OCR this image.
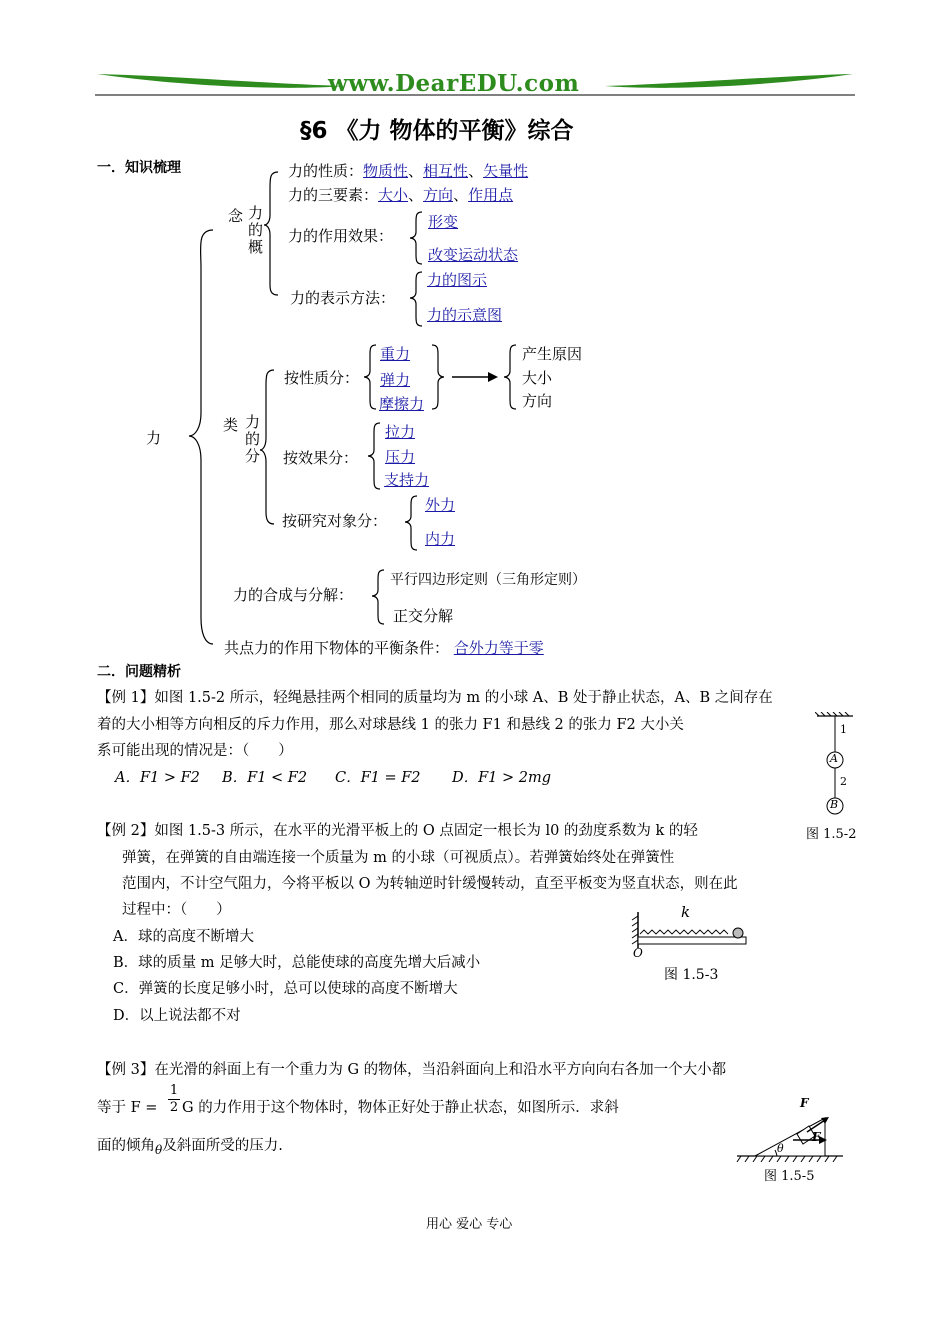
www.DearEDU.com
§6 《力 物体的平衡》综合
一．知识梳理
力
念 力
的
概
力的性质：物质性、相互性、矢量性
力的三要素：大小、方向、作用点
力的作用效果：
形变
改变运动状态
力的表示方法：
力的图示
力的示意图
类 力
的
分
按性质分：
重力
弹力
摩擦力
产生原因
大小
方向
按效果分：
拉力
压力
支持力
按研究对象分：
外力
内力
力的合成与分解：
平行四边形定则（三角形定则）
正交分解
共点力的作用下物体的平衡条件： 合外力等于零
二．问题精析
【例 1】如图 1.5-2 所示，轻绳悬挂两个相同的质量均为 m 的小球 A、B 处于静止状态，A、B 之间存在
着的大小相等方向相反的斥力作用，那么对球悬线 1 的张力 F1 和悬线 2 的张力 F2 大小关
系可能出现的情况是：（　　）
A．F1 > F2 B．F1 < F2 C．F1 = F2 D．F1 > 2mg
1
A
2
B
图 1.5-2
【例 2】如图 1.5-3 所示，在水平的光滑平板上的 O 点固定一根长为 l0 的劲度系数为 k 的轻
弹簧，在弹簧的自由端连接一个质量为 m 的小球（可视质点）。若弹簧始终处在弹簧性
范围内，不计空气阻力，今将平板以 O 为转轴逆时针缓慢转动，直至平板变为竖直状态，则在此
过程中：（　　）
A．球的高度不断增大
B．球的质量 m 足够大时，总能使球的高度先增大后减小
C．弹簧的长度足够小时，总可以使球的高度不断增大
D．以上说法都不对
k
O
图 1.5-3
【例 3】在光滑的斜面上有一个重力为 G 的物体，当沿斜面向上和沿水平方向向右各加一个大小都
等于 $F = \frac{1}{2}$ G 的力作用于这个物体时，物体正好处于静止状态，如图所示．求斜
面的倾角$_\theta$及斜面所受的压力.
F
F
θ
图 1.5-5
用心 爱心 专心
